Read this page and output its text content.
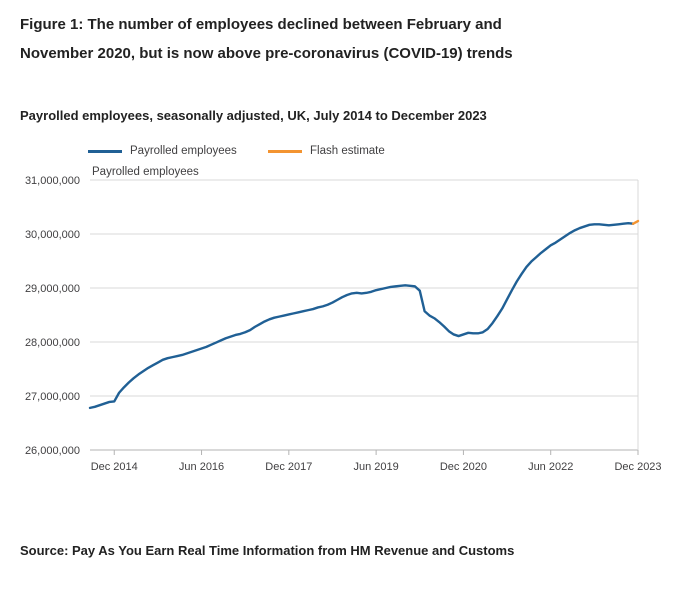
Figure 1: The number of employees declined between February and November 2020, but is now above pre-coronavirus (COVID-19) trends
Payrolled employees, seasonally adjusted, UK, July 2014 to December 2023
Payrolled employees	Flash estimate
Payrolled employees
26,000,000
27,000,000
28,000,000
29,000,000
30,000,000
31,000,000
Dec 2014	Jun 2016	Dec 2017	Jun 2019	Dec 2020	Jun 2022	Dec 2023
Source: Pay As You Earn Real Time Information from HM Revenue and Customs
